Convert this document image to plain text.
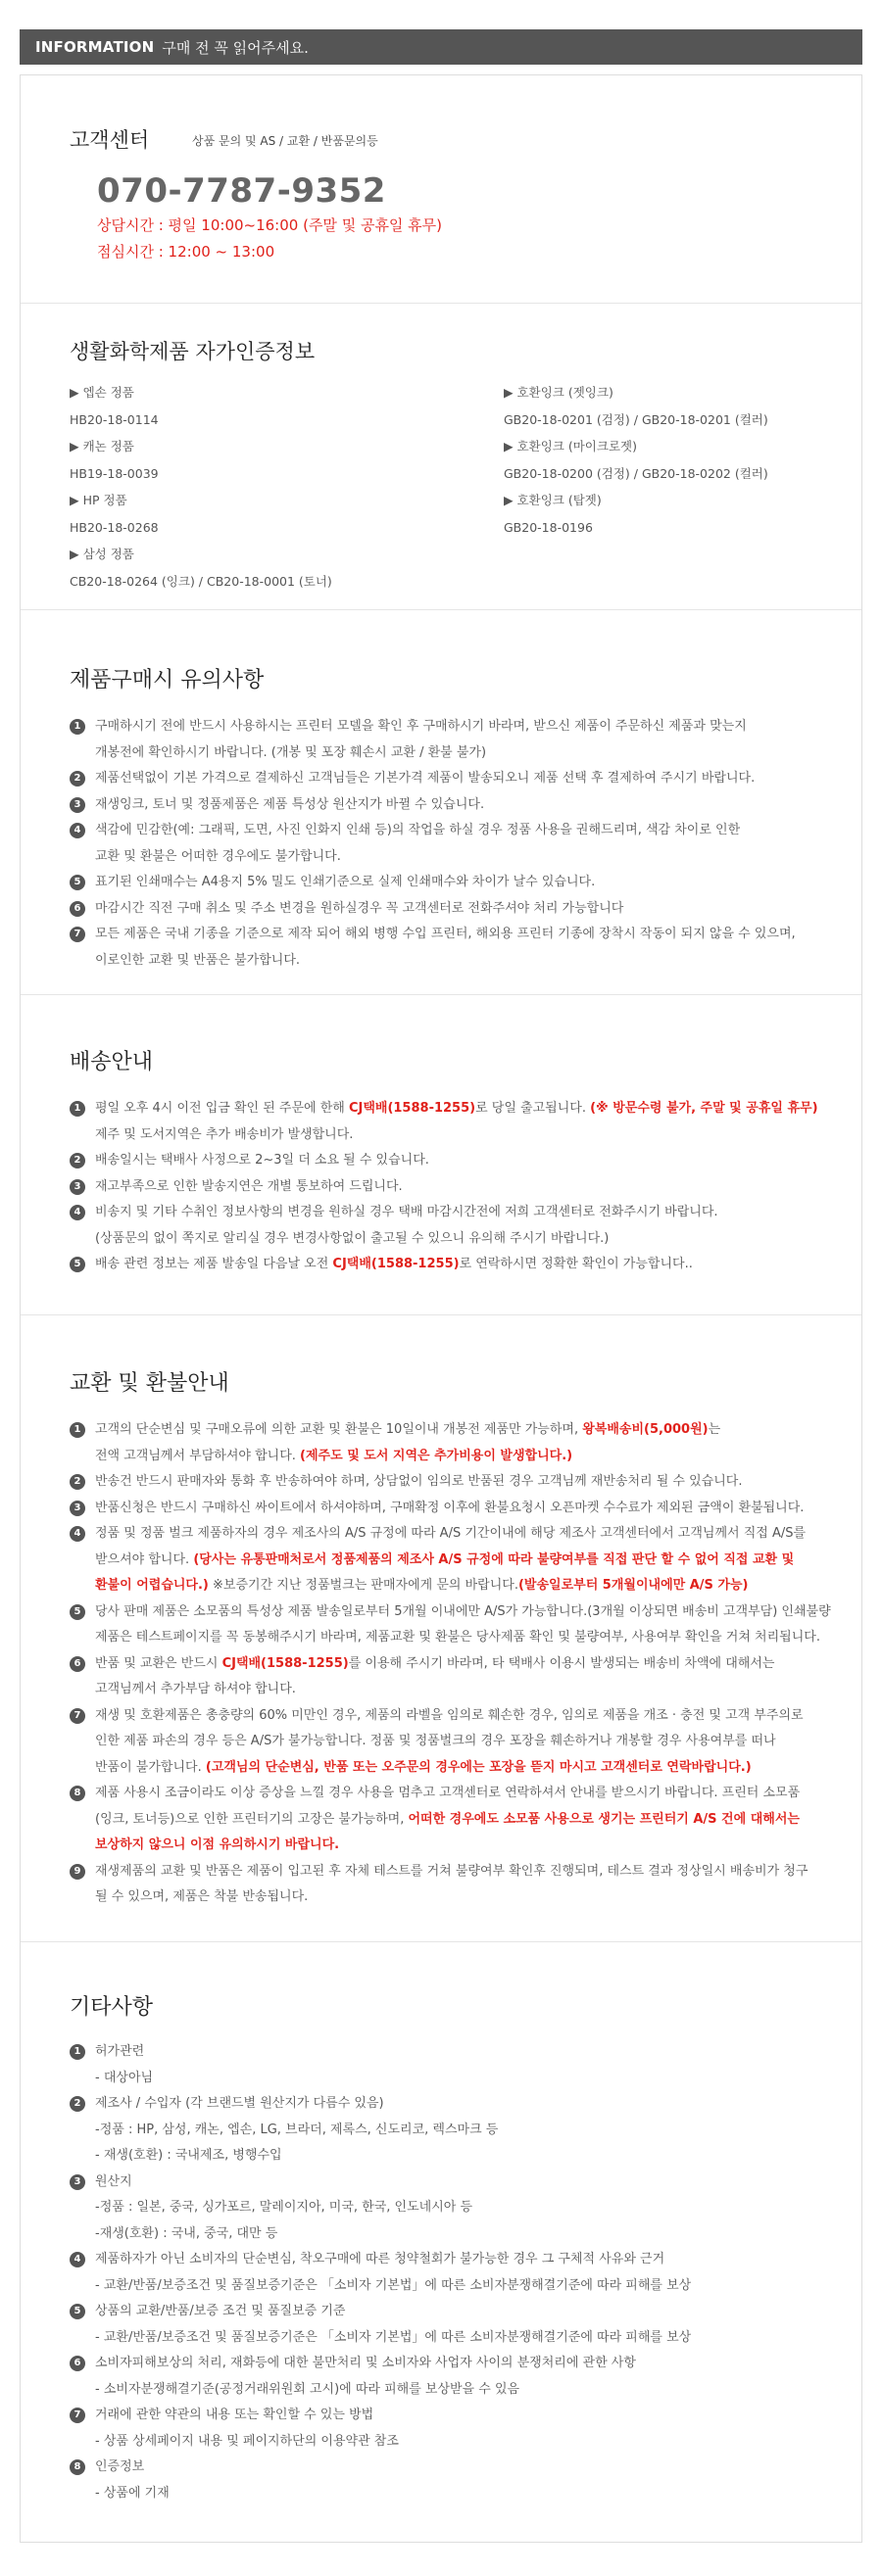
INFORMATION 구매 전 꼭 읽어주세요.
고객센터	상품 문의 및 AS / 교환 / 반품문의등
070-7787-9352
상담시간 : 평일 10:00~16:00 (주말 및 공휴일 휴무)
점심시간 : 12:00 ~ 13:00
생활화학제품 자가인증정보
▶ 엡손 정품
HB20-18-0114
▶ 캐논 정품
HB19-18-0039
▶ HP 정품
HB20-18-0268
▶ 삼성 정품
CB20-18-0264 (잉크) / CB20-18-0001 (토너)
▶ 호환잉크 (젯잉크)
GB20-18-0201 (검정) / GB20-18-0201 (컬러)
▶ 호환잉크 (마이크로젯)
GB20-18-0200 (검정) / GB20-18-0202 (컬러)
▶ 호환잉크 (탑젯)
GB20-18-0196
제품구매시 유의사항
1	구매하시기 전에 반드시 사용하시는 프린터 모델을 확인 후 구매하시기 바라며, 받으신 제품이 주문하신 제품과 맞는지
개봉전에 확인하시기 바랍니다. (개봉 및 포장 훼손시 교환 / 환불 불가)
2	제품선택없이 기본 가격으로 결제하신 고객님들은 기본가격 제품이 발송되오니 제품 선택 후 결제하여 주시기 바랍니다.
3	재생잉크, 토너 및 정품제품은 제품 특성상 원산지가 바뀔 수 있습니다.
4	색감에 민감한(예: 그래픽, 도면, 사진 인화지 인쇄 등)의 작업을 하실 경우 정품 사용을 권해드리며, 색감 차이로 인한
교환 및 환불은 어떠한 경우에도 불가합니다.
5	표기된 인쇄매수는 A4용지 5% 밀도 인쇄기준으로 실제 인쇄매수와 차이가 날수 있습니다.
6	마감시간 직전 구매 취소 및 주소 변경을 원하실경우 꼭 고객센터로 전화주셔야 처리 가능합니다
7	모든 제품은 국내 기종을 기준으로 제작 되어 해외 병행 수입 프린터, 해외용 프린터 기종에 장착시 작동이 되지 않을 수 있으며,
이로인한 교환 및 반품은 불가합니다.
배송안내
1	평일 오후 4시 이전 입금 확인 된 주문에 한해 CJ택배(1588-1255)로 당일 출고됩니다. (※ 방문수령 불가, 주말 및 공휴일 휴무)
제주 및 도서지역은 추가 배송비가 발생합니다.
2	배송일시는 택배사 사정으로 2~3일 더 소요 될 수 있습니다.
3	재고부족으로 인한 발송지연은 개별 통보하여 드립니다.
4	비송지 및 기타 수취인 정보사항의 변경을 원하실 경우 택배 마감시간전에 저희 고객센터로 전화주시기 바랍니다.
(상품문의 없이 쪽지로 알리실 경우 변경사항없이 출고될 수 있으니 유의해 주시기 바랍니다.)
5	배송 관련 정보는 제품 발송일 다음날 오전 CJ택배(1588-1255)로 연락하시면 정확한 확인이 가능합니다..
교환 및 환불안내
1	고객의 단순변심 및 구매오류에 의한 교환 및 환불은 10일이내 개봉전 제품만 가능하며, 왕복배송비(5,000원)는
전액 고객님께서 부담하셔야 합니다. (제주도 및 도서 지역은 추가비용이 발생합니다.)
2	반송건 반드시 판매자와 통화 후 반송하여야 하며, 상담없이 임의로 반품된 경우 고객님께 재반송처리 될 수 있습니다.
3	반품신청은 반드시 구매하신 싸이트에서 하셔야하며, 구매확정 이후에 환불요청시 오픈마켓 수수료가 제외된 금액이 환불됩니다.
4	정품 및 정품 벌크 제품하자의 경우 제조사의 A/S 규정에 따라 A/S 기간이내에 해당 제조사 고객센터에서 고객님께서 직접 A/S를
받으셔야 합니다. (당사는 유통판매처로서 정품제품의 제조사 A/S 규정에 따라 불량여부를 직접 판단 할 수 없어 직접 교환 및
환불이 어렵습니다.) ※보증기간 지난 정품벌크는 판매자에게 문의 바랍니다.(발송일로부터 5개월이내에만 A/S 가능)
5	당사 판매 제품은 소모품의 특성상 제품 발송일로부터 5개월 이내에만 A/S가 가능합니다.(3개월 이상되면 배송비 고객부담) 인쇄불량
제품은 테스트페이지를 꼭 동봉해주시기 바라며, 제품교환 및 환불은 당사제품 확인 및 불량여부, 사용여부 확인을 거쳐 처리됩니다.
6	반품 및 교환은 반드시 CJ택배(1588-1255)를 이용해 주시기 바라며, 타 택배사 이용시 발생되는 배송비 차액에 대해서는
고객님께서 추가부담 하셔야 합니다.
7	재생 및 호환제품은 총충량의 60% 미만인 경우, 제품의 라벨을 임의로 훼손한 경우, 임의로 제품을 개조 · 충전 및 고객 부주의로
인한 제품 파손의 경우 등은 A/S가 불가능합니다. 정품 및 정품벌크의 경우 포장을 훼손하거나 개봉할 경우 사용여부를 떠나
반품이 불가합니다. (고객님의 단순변심, 반품 또는 오주문의 경우에는 포장을 뜯지 마시고 고객센터로 연락바랍니다.)
8	제품 사용시 조금이라도 이상 증상을 느낄 경우 사용을 멈추고 고객센터로 연락하셔서 안내를 받으시기 바랍니다. 프린터 소모품
(잉크, 토너등)으로 인한 프린터기의 고장은 불가능하며, 어떠한 경우에도 소모품 사용으로 생기는 프린터기 A/S 건에 대해서는
보상하지 않으니 이점 유의하시기 바랍니다.
9	재생제품의 교환 및 반품은 제품이 입고된 후 자체 테스트를 거쳐 불량여부 확인후 진행되며, 테스트 결과 정상일시 배송비가 청구
될 수 있으며, 제품은 착불 반송됩니다.
기타사항
1	허가관련
- 대상아님
2	제조사 / 수입자 (각 브랜드별 원산지가 다름수 있음)
-정품 : HP, 삼성, 캐논, 엡손, LG, 브라더, 제록스, 신도리코, 렉스마크 등
- 재생(호환) : 국내제조, 병행수입
3	원산지
-정품 : 일본, 중국, 싱가포르, 말레이지아, 미국, 한국, 인도네시아 등
-재생(호환) : 국내, 중국, 대만 등
4	제품하자가 아닌 소비자의 단순변심, 착오구매에 따른 청약철회가 불가능한 경우 그 구체적 사유와 근거
- 교환/반품/보증조건 및 품질보증기준은 「소비자 기본법」에 따른 소비자분쟁해결기준에 따라 피해를 보상
5	상품의 교환/반품/보증 조건 및 품질보증 기준
- 교환/반품/보증조건 및 품질보증기준은 「소비자 기본법」에 따른 소비자분쟁해결기준에 따라 피해를 보상
6	소비자피해보상의 처리, 재화등에 대한 불만처리 및 소비자와 사업자 사이의 분쟁처리에 관한 사항
- 소비자분쟁해결기준(공정거래위원회 고시)에 따라 피해를 보상받을 수 있음
7	거래에 관한 약관의 내용 또는 확인할 수 있는 방법
- 상품 상세페이지 내용 및 페이지하단의 이용약관 참조
8	인증정보
- 상품에 기재
